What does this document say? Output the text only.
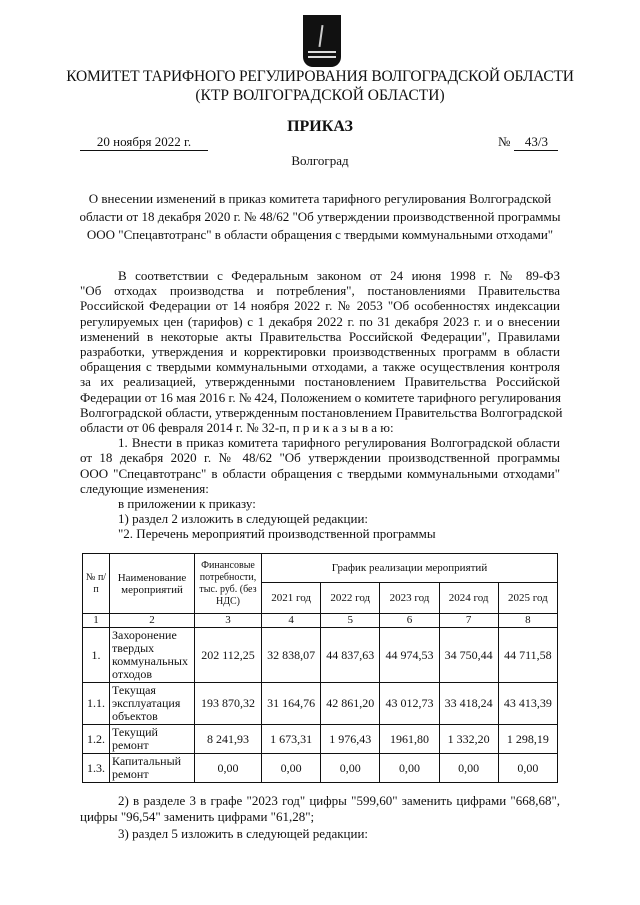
КОМИТЕТ ТАРИФНОГО РЕГУЛИРОВАНИЯ ВОЛГОГРАДСКОЙ ОБЛАСТИ
(КТР ВОЛГОГРАДСКОЙ ОБЛАСТИ)
ПРИКАЗ
20 ноября 2022 г.	№ 43/3
Волгоград
О внесении изменений в приказ комитета тарифного регулирования Волгоградской
области от 18 декабря 2020 г. № 48/62 "Об утверждении производственной программы
ООО "Спецавтотранс" в области обращения с твердыми коммунальными отходами"
В соответствии с Федеральным законом от 24 июня 1998 г. № 89-ФЗ
"Об отходах производства и потребления", постановлениями Правительства
Российской Федерации от 14 ноября 2022 г. № 2053 "Об особенностях индексации
регулируемых цен (тарифов) с 1 декабря 2022 г. по 31 декабря 2023 г. и о внесении
изменений в некоторые акты Правительства Российской Федерации", Правилами
разработки, утверждения и корректировки производственных программ в области
обращения с твердыми коммунальными отходами, а также осуществления контроля
за их реализацией, утвержденными постановлением Правительства Российской
Федерации от 16 мая 2016 г. № 424, Положением о комитете тарифного регулирования
Волгоградской области, утвержденным постановлением Правительства Волгоградской
области от 06 февраля 2014 г. № 32-п, п р и к а з ы в а ю:
1. Внести в приказ комитета тарифного регулирования Волгоградской области
от 18 декабря 2020 г. № 48/62 "Об утверждении производственной программы
ООО "Спецавтотранс" в области обращения с твердыми коммунальными отходами"
следующие изменения:
в приложении к приказу:
1) раздел 2 изложить в следующей редакции:
"2. Перечень мероприятий производственной программы
№ п/п	Наименование мероприятий	Финансовые потребности, тыс. руб. (без НДС)	График реализации мероприятий				
			2021 год	2022 год	2023 год	2024 год	2025 год
1	2	3	4	5	6	7	8
1.	Захоронение твердых коммунальных отходов	202 112,25	32 838,07	44 837,63	44 974,53	34 750,44	44 711,58
1.1.	Текущая эксплуатация объектов	193 870,32	31 164,76	42 861,20	43 012,73	33 418,24	43 413,39
1.2.	Текущий ремонт	8 241,93	1 673,31	1 976,43	1961,80	1 332,20	1 298,19
1.3.	Капитальный ремонт	0,00	0,00	0,00	0,00	0,00	0,00
2) в разделе 3 в графе "2023 год" цифры "599,60" заменить цифрами "668,68",
цифры "96,54" заменить цифрами "61,28";
3) раздел 5 изложить в следующей редакции:
